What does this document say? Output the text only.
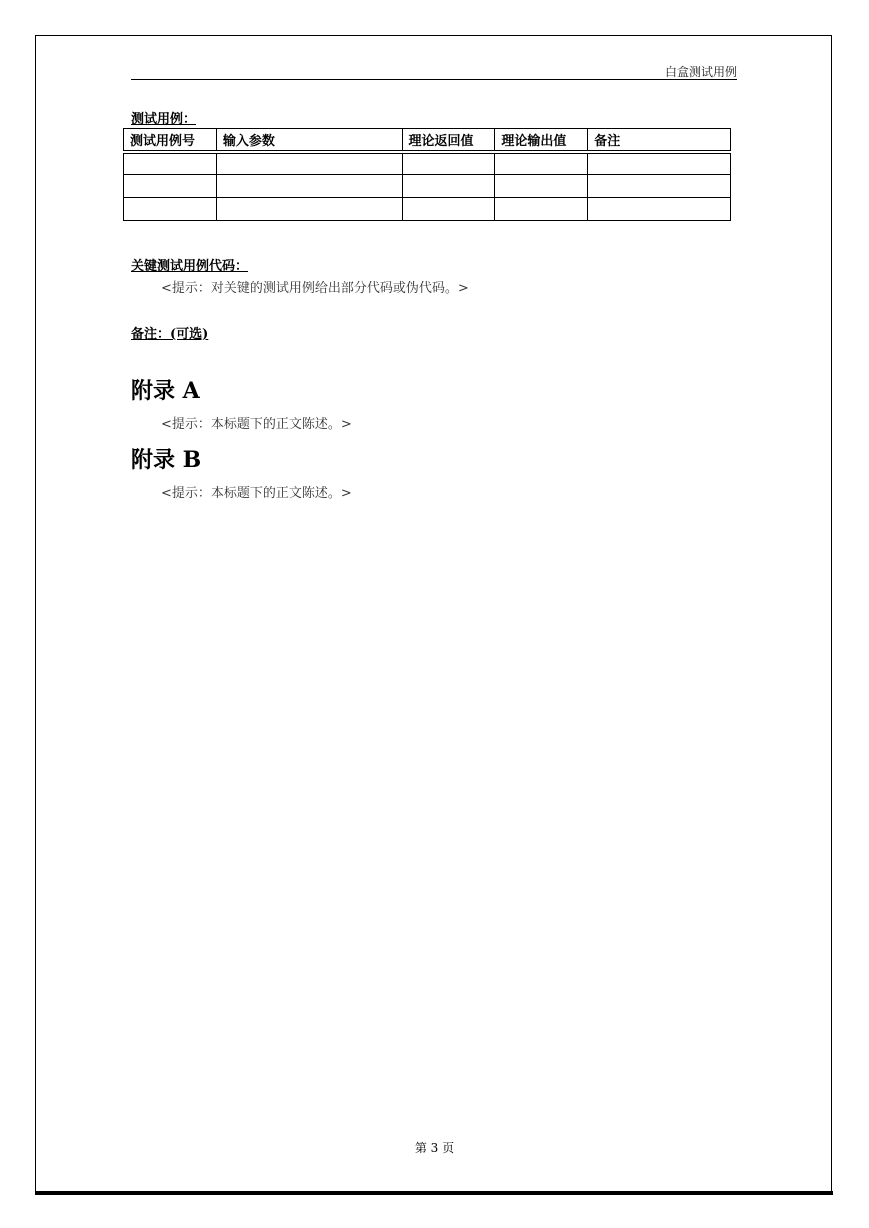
白盒测试用例
测试用例：
测试用例号	输入参数	理论返回值	理论输出值	备注

关键测试用例代码：
<提示：对关键的测试用例给出部分代码或伪代码。>
备注：(可选)
附录 A
<提示：本标题下的正文陈述。>
附录 B
<提示：本标题下的正文陈述。>
第 3 页
